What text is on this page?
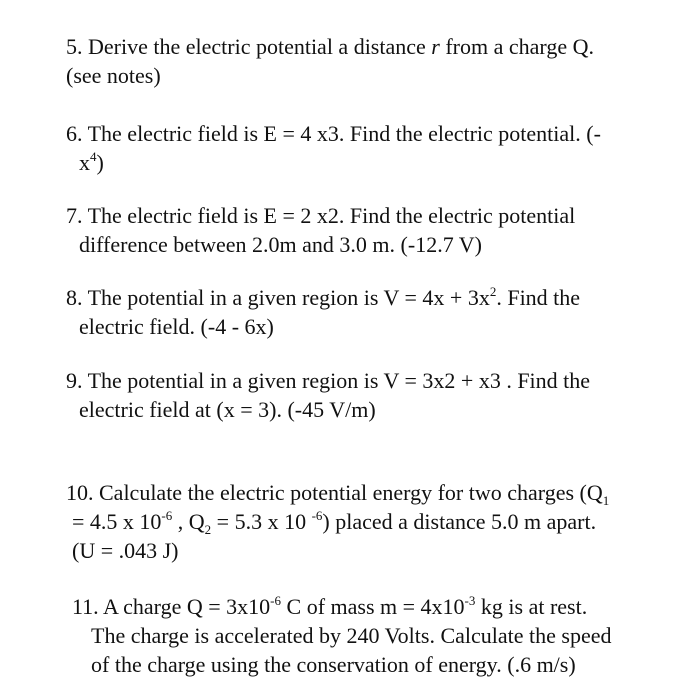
5. Derive the electric potential a distance r from a charge Q.
(see notes)
6. The electric field is E = 4 x3. Find the electric potential. (-
$x^4$)
7. The electric field is E = 2 x2. Find the electric potential
difference between 2.0m and 3.0 m. (-12.7 V)
8. The potential in a given region is $V = 4x + 3x^2$. Find the
electric field. (-4 - 6x)
9. The potential in a given region is V = 3x2 + x3 . Find the
electric field at (x = 3). (-45 V/m)
10. Calculate the electric potential energy for two charges ($Q_1$
= 4.5 x $10^{-6}$ , $Q_2 = 5.3$ x 10 $^{-6}$) placed a distance 5.0 m apart.
(U = .043 J)
11. A charge $Q = 3x10^{-6}$ C of mass $m = 4x10^{-3}$ kg is at rest.
The charge is accelerated by 240 Volts. Calculate the speed
of the charge using the conservation of energy. (.6 m/s)
